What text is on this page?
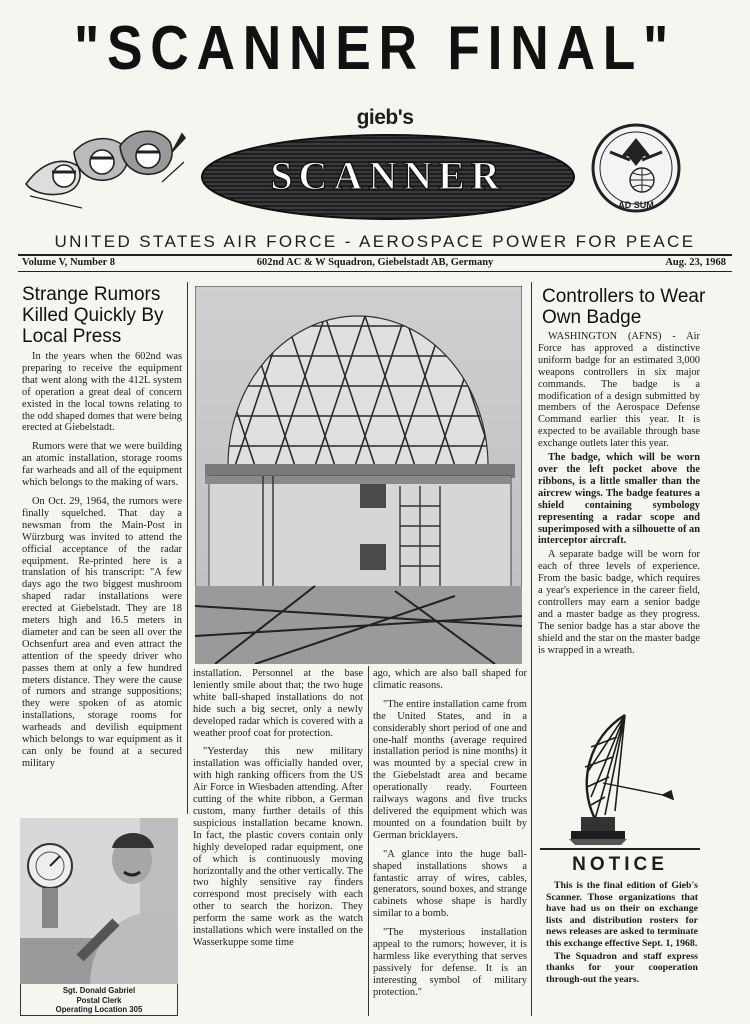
"SCANNER FINAL"
gieb's
SCANNER
AD SUM
UNITED STATES AIR FORCE - AEROSPACE POWER FOR PEACE
Volume V, Number 8	602nd AC & W Squadron, Giebelstadt AB, Germany	Aug. 23, 1968
Strange Rumors Killed Quickly By Local Press

In the years when the 602nd was preparing to receive the equipment that went along with the 412L system of operation a great deal of concern existed in the local towns relating to the odd shaped domes that were being erected at Giebelstadt.

Rumors were that we were building an atomic installation, storage rooms far warheads and all of the equipment which belongs to the making of wars.

On Oct. 29, 1964, the rumors were finally squelched. That day a newsman from the Main-Post in Würzburg was invited to attend the official acceptance of the radar equipment. Re-printed here is a translation of his transcript: "A few days ago the two biggest mushroom shaped radar installations were erected at Giebelstadt. They are 18 meters high and 16.5 meters in diameter and can be seen all over the Ochsenfurt area and even attract the attention of the speedy driver who passes them at only a few hundred meters distance. They were the cause of rumors and strange suppositions; they were spoken of as atomic installations, storage rooms for warheads and devilish equipment which belongs to war equipment as it can only be found at a secured military

installation. Personnel at the base leniently smile about that; the two huge white ball-shaped installations do not hide such a big secret, only a newly developed radar which is covered with a weather proof coat for protection.

"Yesterday this new military installation was officially handed over, with high ranking officers from the US Air Force in Wiesbaden attending. After cutting of the white ribbon, a German custom, many further details of this suspicious installation became known. In fact, the plastic covers contain only highly developed radar equipment, one of which is continuously moving horizontally and the other vertically. The two highly sensitive ray finders correspond most precisely with each other to search the horizon. They perform the same work as the watch installations which were installed on the Wasserkuppe some time

ago, which are also ball shaped for climatic reasons.

"The entire installation came from the United States, and in a considerably short period of one and one-half months (average required installation period is nine months) it was mounted by a special crew in the Giebelstadt area and became operationally ready. Fourteen railways wagons and five trucks delivered the equipment which was mounted on a foundation built by German bricklayers.

"A glance into the huge ball-shaped installations shows a fantastic array of wires, cables, generators, sound boxes, and strange cabinets whose shape is hardly similar to a bomb.

"The mysterious installation appeal to the rumors; however, it is harmless like everything that serves passively for defense. It is an interesting symbol of military protection."

Controllers to Wear Own Badge

WASHINGTON (AFNS) - Air Force has approved a distinctive uniform badge for an estimated 3,000 weapons controllers in six major commands. The badge is a modification of a design submitted by members of the Aerospace Defense Command earlier this year. It is expected to be available through base exchange outlets later this year.

The badge, which will be worn over the left pocket above the ribbons, is a little smaller than the aircrew wings. The badge features a shield containing symbology representing a radar scope and superimposed with a silhouette of an interceptor aircraft.

A separate badge will be worn for each of three levels of experience. From the basic badge, which requires a year's experience in the career field, controllers may earn a senior badge and a master badge as they progress. The senior badge has a star above the shield and the star on the master badge is wrapped in a wreath.

NOTICE

This is the final edition of Gieb's Scanner. Those organizations that have had us on their on exchange lists and distribution rosters for news releases are asked to terminate this exchange effective Sept. 1, 1968.

The Squadron and staff express thanks for your cooperation through-out the years.

Sgt. Donald Gabriel
Postal Clerk
Operating Location 305
